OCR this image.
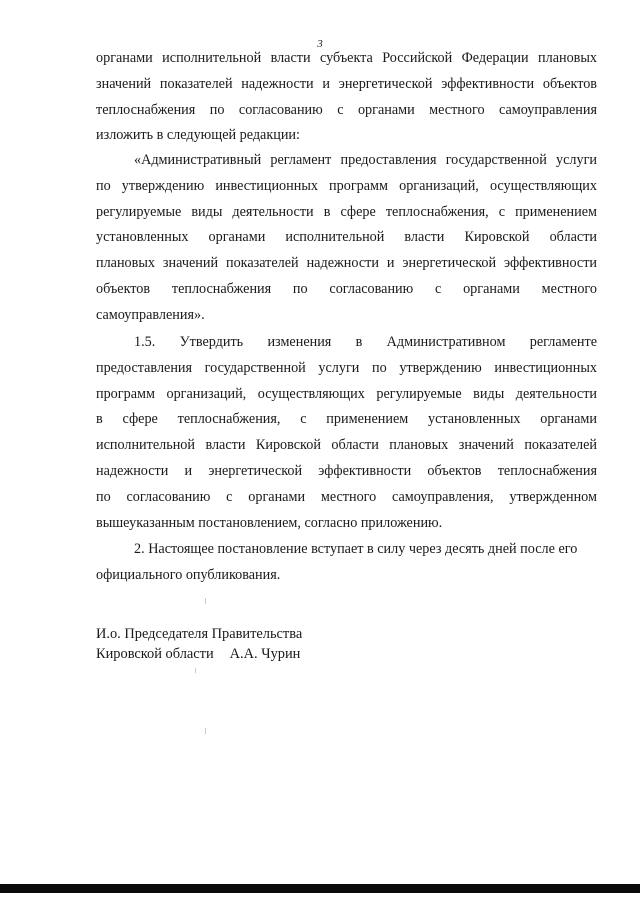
3
органами исполнительной власти субъекта Российской Федерации плановых
значений показателей надежности и энергетической эффективности объектов
теплоснабжения по согласованию с органами местного самоуправления
изложить в следующей редакции:
«Административный регламент предоставления государственной услуги
по утверждению инвестиционных программ организаций, осуществляющих
регулируемые виды деятельности в сфере теплоснабжения, с применением
установленных органами исполнительной власти Кировской области
плановых значений показателей надежности и энергетической эффективности
объектов теплоснабжения по согласованию с органами местного
самоуправления».
1.5. Утвердить изменения в Административном регламенте
предоставления государственной услуги по утверждению инвестиционных
программ организаций, осуществляющих регулируемые виды деятельности
в сфере теплоснабжения, с применением установленных органами
исполнительной власти Кировской области плановых значений показателей
надежности и энергетической эффективности объектов теплоснабжения
по согласованию с органами местного самоуправления, утвержденном
вышеуказанным постановлением, согласно приложению.
2. Настоящее постановление вступает в силу через десять дней после его
официального опубликования.
И.о. Председателя Правительства
Кировской области А.А. Чурин
